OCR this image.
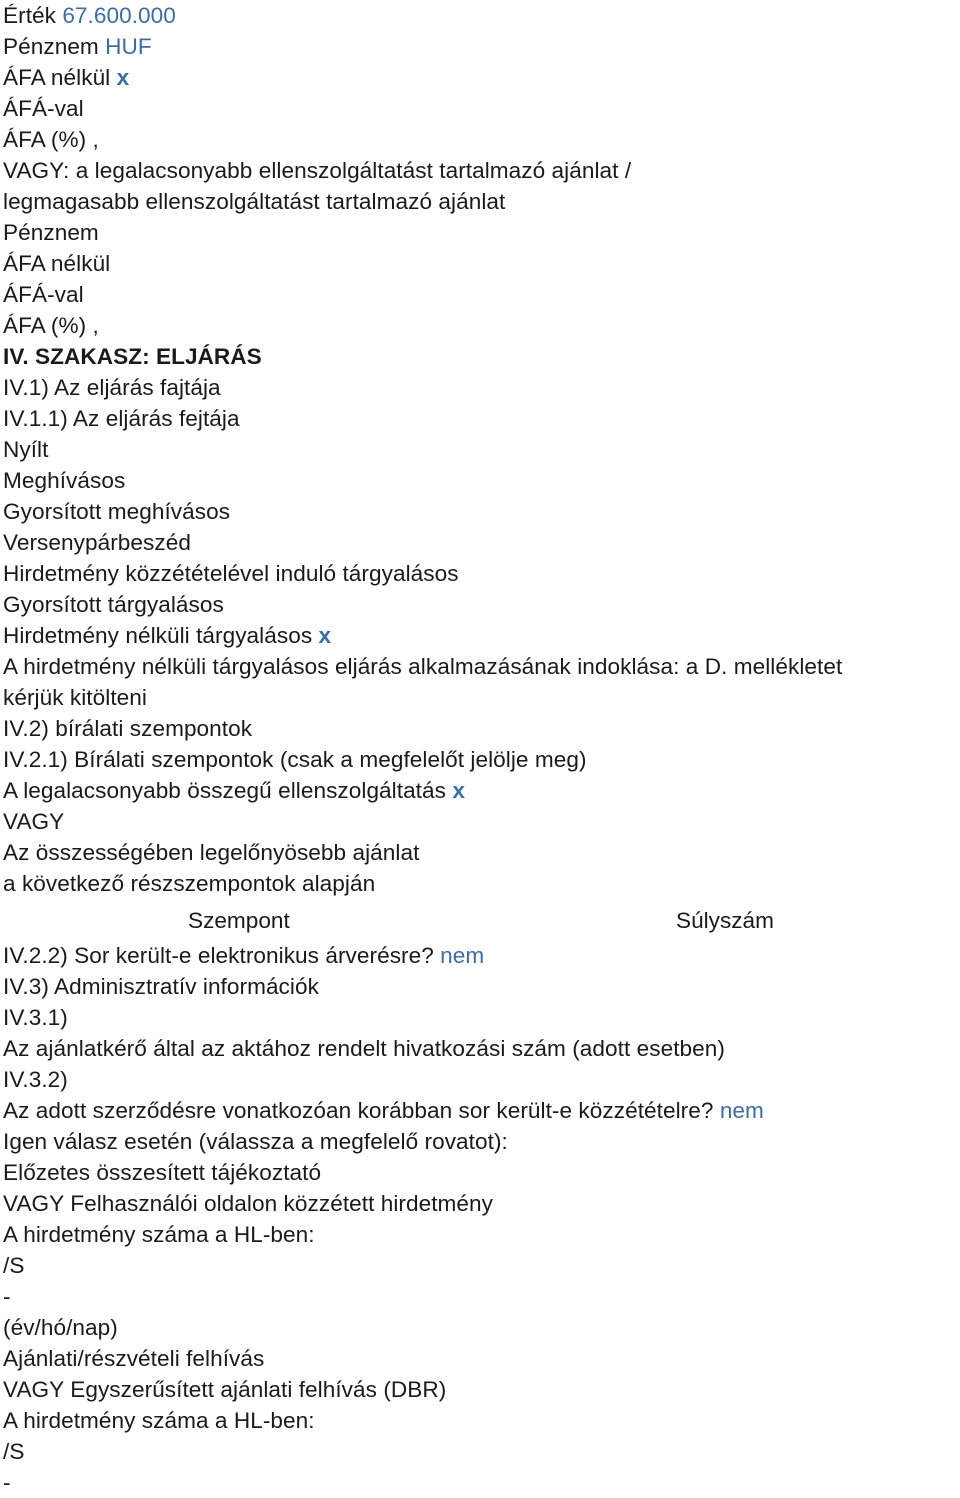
Érték 67.600.000
Pénznem HUF
ÁFA nélkül x
ÁFÁ-val
ÁFA (%) ,
VAGY: a legalacsonyabb ellenszolgáltatást tartalmazó ajánlat /
legmagasabb ellenszolgáltatást tartalmazó ajánlat
Pénznem
ÁFA nélkül
ÁFÁ-val
ÁFA (%) ,
IV. SZAKASZ: ELJÁRÁS
IV.1) Az eljárás fajtája
IV.1.1) Az eljárás fejtája
Nyílt
Meghívásos
Gyorsított meghívásos
Versenypárbeszéd
Hirdetmény közzétételével induló tárgyalásos
Gyorsított tárgyalásos
Hirdetmény nélküli tárgyalásos x
A hirdetmény nélküli tárgyalásos eljárás alkalmazásának indoklása: a D. mellékletet
kérjük kitölteni
IV.2) bírálati szempontok
IV.2.1) Bírálati szempontok (csak a megfelelőt jelölje meg)
A legalacsonyabb összegű ellenszolgáltatás x
VAGY
Az összességében legelőnyösebb ajánlat
a következő részszempontok alapján
Szempont	Súlyszám
IV.2.2) Sor került-e elektronikus árverésre? nem
IV.3) Adminisztratív információk
IV.3.1)
Az ajánlatkérő által az aktához rendelt hivatkozási szám (adott esetben)
IV.3.2)
Az adott szerződésre vonatkozóan korábban sor került-e közzétételre? nem
Igen válasz esetén (válassza a megfelelő rovatot):
Előzetes összesített tájékoztató
VAGY Felhasználói oldalon közzétett hirdetmény
A hirdetmény száma a HL-ben:
/S
-
(év/hó/nap)
Ajánlati/részvételi felhívás
VAGY Egyszerűsített ajánlati felhívás (DBR)
A hirdetmény száma a HL-ben:
/S
-
